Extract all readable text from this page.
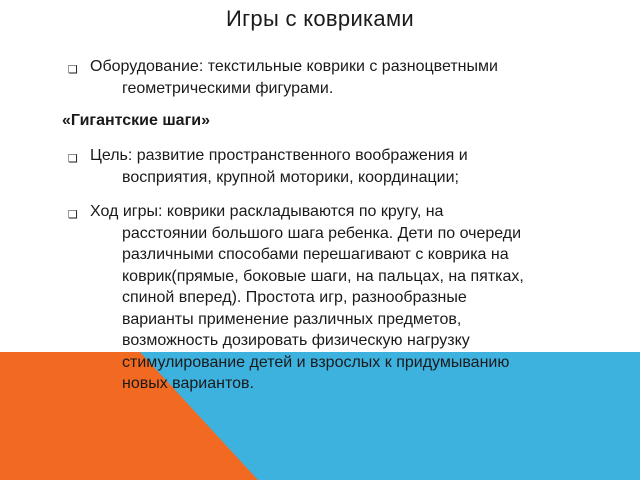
Игры с ковриками
❑ Оборудование: текстильные коврики с разноцветными
геометрическими фигурами.
«Гигантские шаги»
❑ Цель: развитие пространственного воображения и
восприятия, крупной моторики, координации;
❑ Ход игры: коврики раскладываются по кругу, на
расстоянии большого шага ребенка. Дети по очереди
различными способами перешагивают с коврика на
коврик(прямые, боковые шаги, на пальцах, на пятках,
спиной вперед). Простота игр, разнообразные
варианты применение различных предметов,
возможность дозировать физическую нагрузку
стимулирование детей и взрослых к придумыванию
новых вариантов.
